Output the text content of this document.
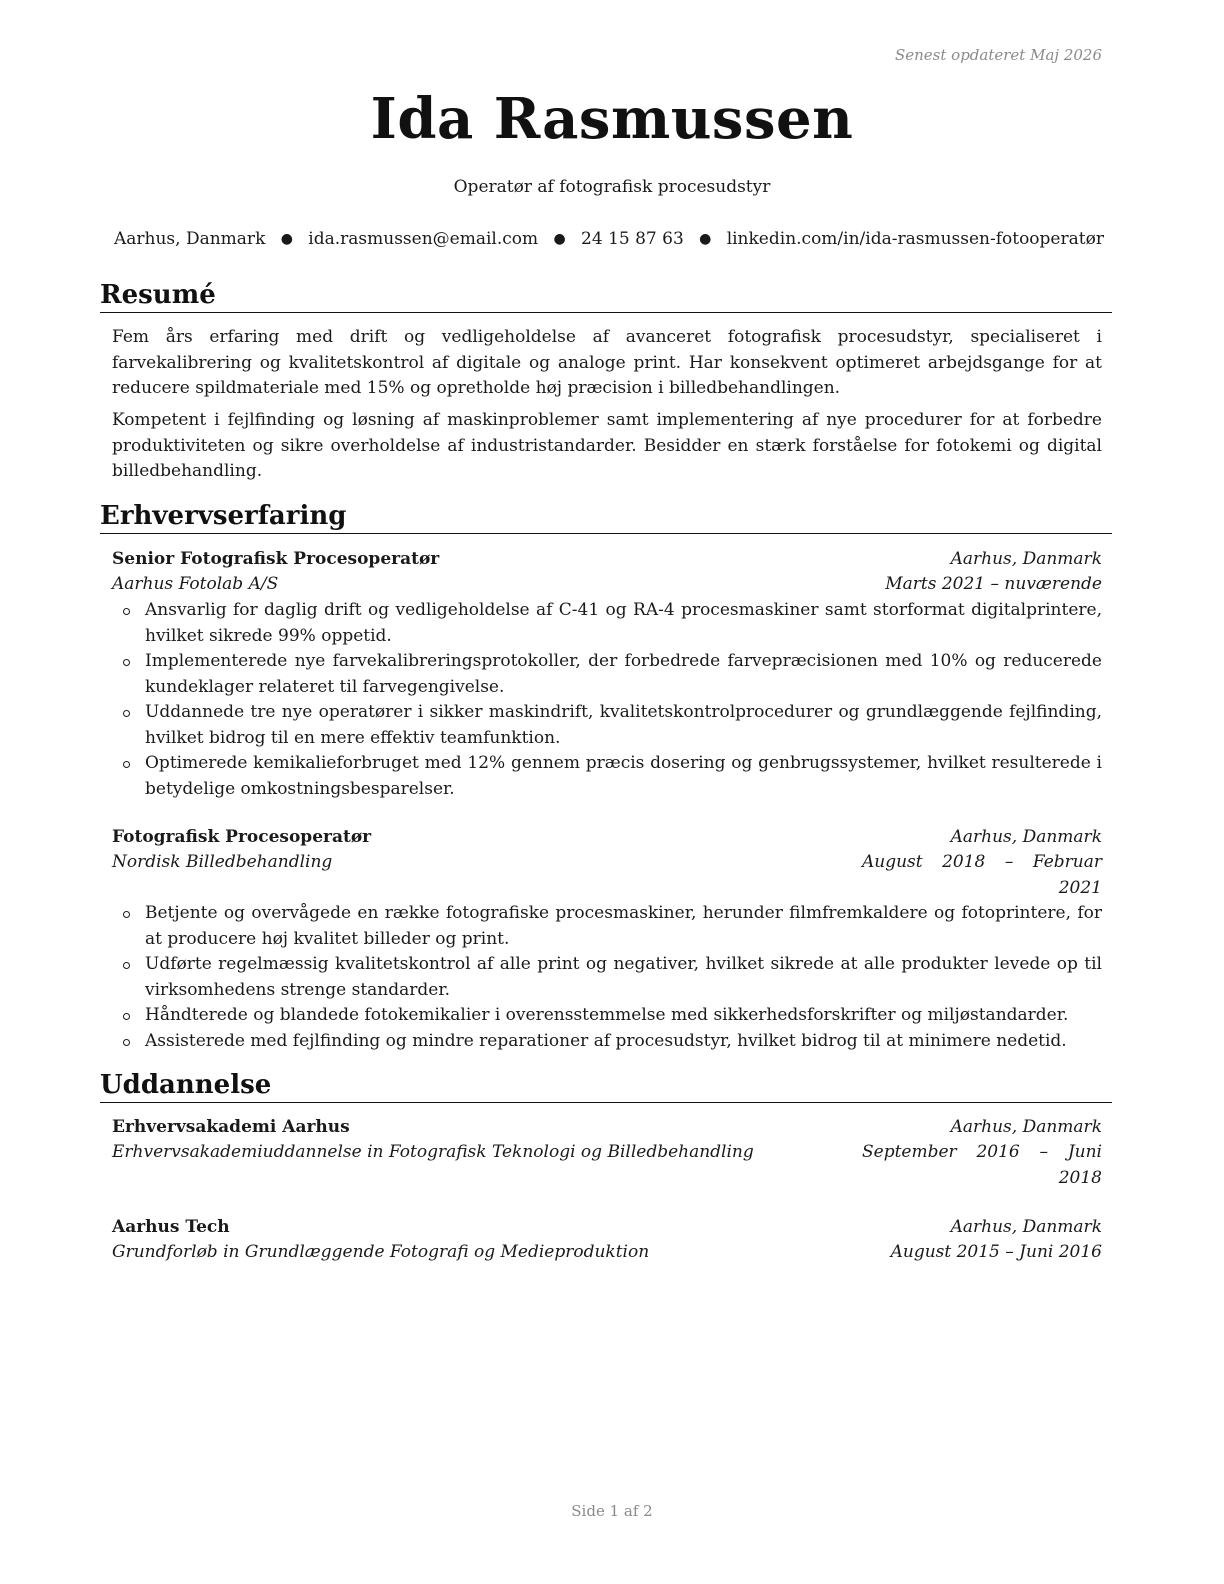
Senest opdateret Maj 2026
Ida Rasmussen
Operatør af fotografisk procesudstyr
Aarhus, Danmark ● ida.rasmussen@email.com ● 24 15 87 63 ● linkedin.com/in/ida-rasmussen-fotooperatør
Resumé

Fem års erfaring med drift og vedligeholdelse af avanceret fotografisk procesudstyr, specialiseret i farvekalibrering og kvalitetskontrol af digitale og analoge print. Har konsekvent optimeret arbejdsgange for at reducere spildmateriale med 15% og opretholde høj præcision i billedbehandlingen.

Kompetent i fejlfinding og løsning af maskinproblemer samt implementering af nye procedurer for at forbedre produktiviteten og sikre overholdelse af industristandarder. Besidder en stærk forståelse for fotokemi og digital billedbehandling.

Erhvervserfaring
Senior Fotografisk Procesoperatør	Aarhus, Danmark
Aarhus Fotolab A/S	Marts 2021 – nuværende
Ansvarlig for daglig drift og vedligeholdelse af C-41 og RA-4 procesmaskiner samt storformat digitalprintere, hvilket sikrede 99% oppetid.
Implementerede nye farvekalibreringsprotokoller, der forbedrede farvepræcisionen med 10% og reducerede kundeklager relateret til farvegengivelse.
Uddannede tre nye operatører i sikker maskindrift, kvalitetskontrolprocedurer og grundlæggende fejlfinding, hvilket bidrog til en mere effektiv teamfunktion.
Optimerede kemikalieforbruget med 12% gennem præcis dosering og genbrugssystemer, hvilket resulterede i betydelige omkostningsbesparelser.
Fotografisk Procesoperatør	Aarhus, Danmark
Nordisk Billedbehandling	August 2018 – Februar 2021
Betjente og overvågede en række fotografiske procesmaskiner, herunder filmfremkaldere og fotoprintere, for at producere høj kvalitet billeder og print.
Udførte regelmæssig kvalitetskontrol af alle print og negativer, hvilket sikrede at alle produkter levede op til virksomhedens strenge standarder.
Håndterede og blandede fotokemikalier i overensstemmelse med sikkerhedsforskrifter og miljøstandarder.
Assisterede med fejlfinding og mindre reparationer af procesudstyr, hvilket bidrog til at minimere nedetid.
Uddannelse
Erhvervsakademi Aarhus	Aarhus, Danmark
Erhvervsakademiuddannelse in Fotografisk Teknologi og Billedbehandling	September 2016 – Juni 2018
Aarhus Tech	Aarhus, Danmark
Grundforløb in Grundlæggende Fotografi og Medieproduktion	August 2015 – Juni 2016
Side 1 af 2
